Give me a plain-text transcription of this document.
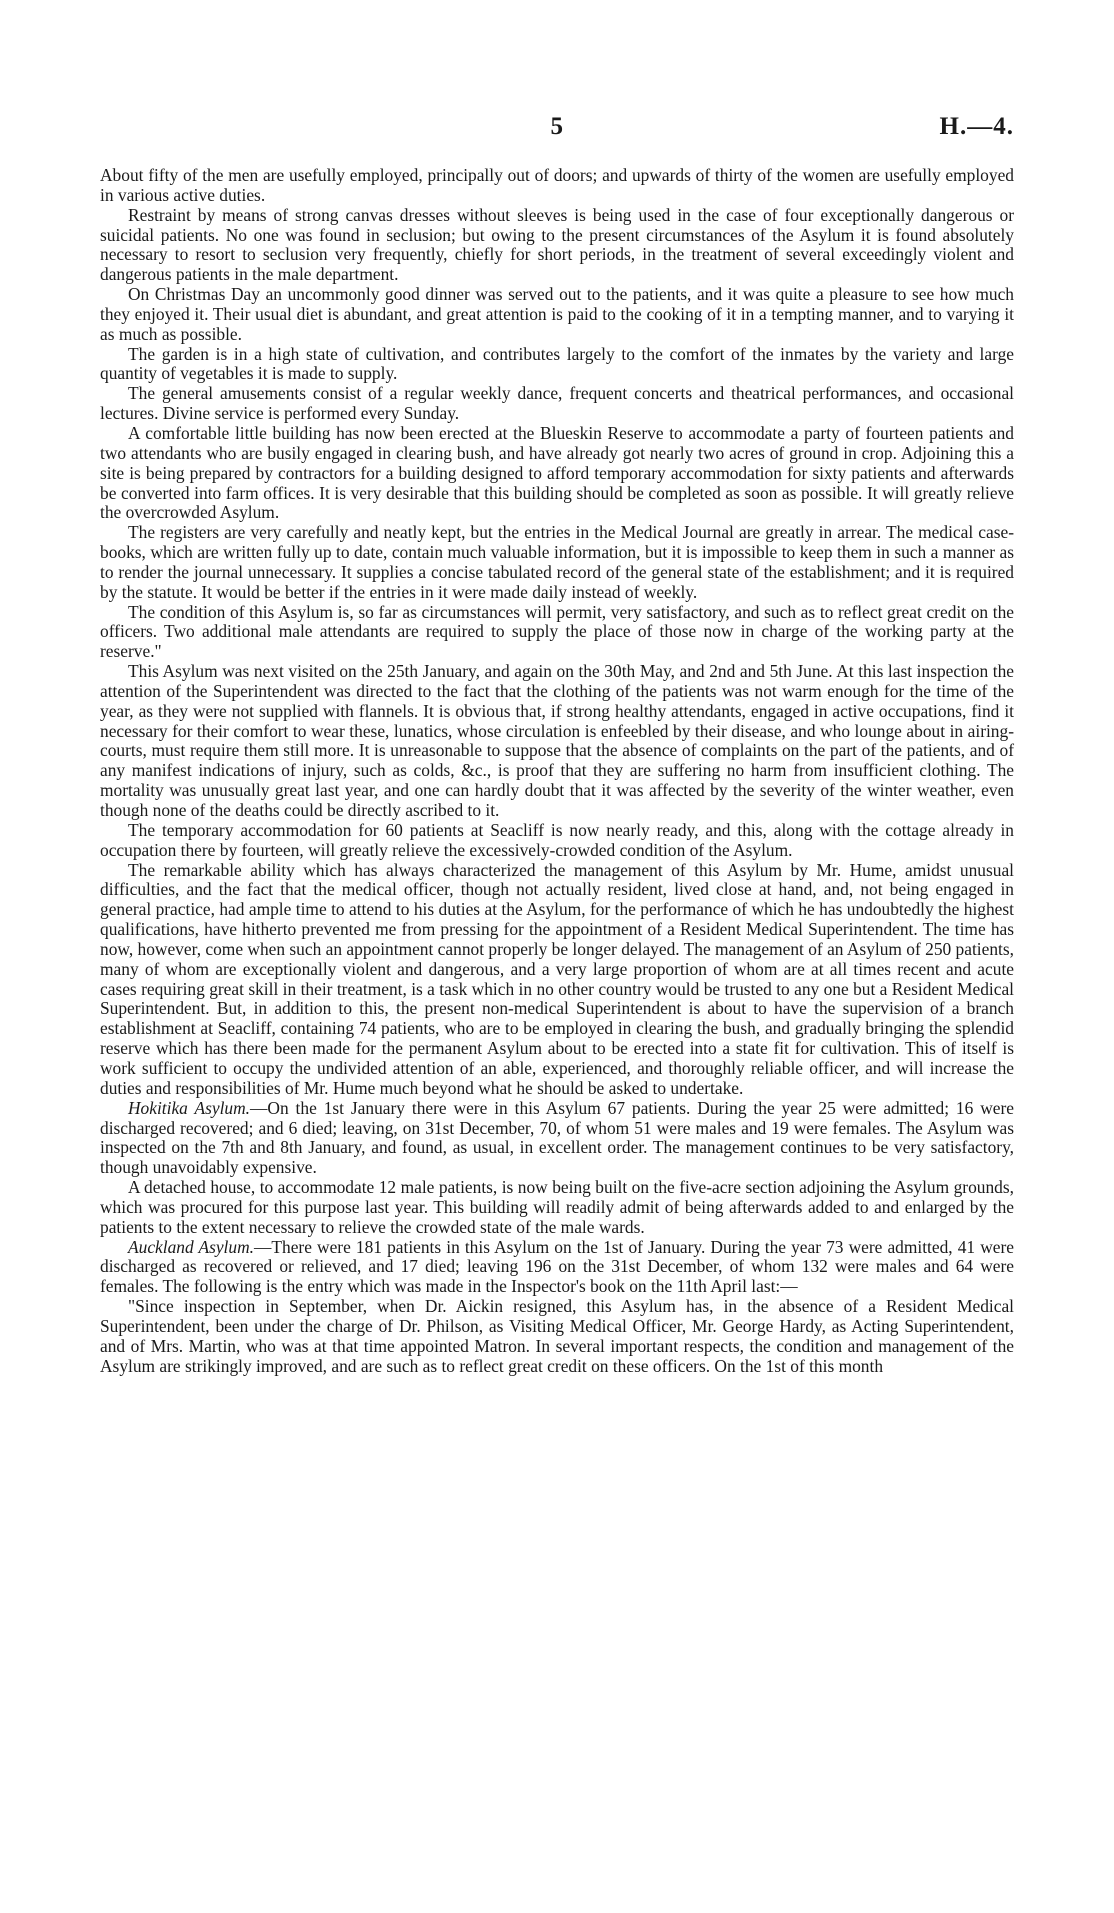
5	H.—4.

About fifty of the men are usefully employed, principally out of doors; and upwards of thirty of the women are usefully employed in various active duties.

Restraint by means of strong canvas dresses without sleeves is being used in the case of four exceptionally dangerous or suicidal patients. No one was found in seclusion; but owing to the present circumstances of the Asylum it is found absolutely necessary to resort to seclusion very frequently, chiefly for short periods, in the treatment of several exceedingly violent and dangerous patients in the male department.

On Christmas Day an uncommonly good dinner was served out to the patients, and it was quite a pleasure to see how much they enjoyed it. Their usual diet is abundant, and great attention is paid to the cooking of it in a tempting manner, and to varying it as much as possible.

The garden is in a high state of cultivation, and contributes largely to the comfort of the inmates by the variety and large quantity of vegetables it is made to supply.

The general amusements consist of a regular weekly dance, frequent concerts and theatrical performances, and occasional lectures. Divine service is performed every Sunday.

A comfortable little building has now been erected at the Blueskin Reserve to accommodate a party of fourteen patients and two attendants who are busily engaged in clearing bush, and have already got nearly two acres of ground in crop. Adjoining this a site is being prepared by contractors for a building designed to afford temporary accommodation for sixty patients and afterwards be converted into farm offices. It is very desirable that this building should be completed as soon as possible. It will greatly relieve the overcrowded Asylum.

The registers are very carefully and neatly kept, but the entries in the Medical Journal are greatly in arrear. The medical case-books, which are written fully up to date, contain much valuable information, but it is impossible to keep them in such a manner as to render the journal unnecessary. It supplies a concise tabulated record of the general state of the establishment; and it is required by the statute. It would be better if the entries in it were made daily instead of weekly.

The condition of this Asylum is, so far as circumstances will permit, very satisfactory, and such as to reflect great credit on the officers. Two additional male attendants are required to supply the place of those now in charge of the working party at the reserve."

This Asylum was next visited on the 25th January, and again on the 30th May, and 2nd and 5th June. At this last inspection the attention of the Superintendent was directed to the fact that the clothing of the patients was not warm enough for the time of the year, as they were not supplied with flannels. It is obvious that, if strong healthy attendants, engaged in active occupations, find it necessary for their comfort to wear these, lunatics, whose circulation is enfeebled by their disease, and who lounge about in airing-courts, must require them still more. It is unreasonable to suppose that the absence of complaints on the part of the patients, and of any manifest indications of injury, such as colds, &c., is proof that they are suffering no harm from insufficient clothing. The mortality was unusually great last year, and one can hardly doubt that it was affected by the severity of the winter weather, even though none of the deaths could be directly ascribed to it.

The temporary accommodation for 60 patients at Seacliff is now nearly ready, and this, along with the cottage already in occupation there by fourteen, will greatly relieve the excessively-crowded condition of the Asylum.

The remarkable ability which has always characterized the management of this Asylum by Mr. Hume, amidst unusual difficulties, and the fact that the medical officer, though not actually resident, lived close at hand, and, not being engaged in general practice, had ample time to attend to his duties at the Asylum, for the performance of which he has undoubtedly the highest qualifications, have hitherto prevented me from pressing for the appointment of a Resident Medical Superintendent. The time has now, however, come when such an appointment cannot properly be longer delayed. The management of an Asylum of 250 patients, many of whom are exceptionally violent and dangerous, and a very large proportion of whom are at all times recent and acute cases requiring great skill in their treatment, is a task which in no other country would be trusted to any one but a Resident Medical Superintendent. But, in addition to this, the present non-medical Superintendent is about to have the supervision of a branch establishment at Seacliff, containing 74 patients, who are to be employed in clearing the bush, and gradually bringing the splendid reserve which has there been made for the permanent Asylum about to be erected into a state fit for cultivation. This of itself is work sufficient to occupy the undivided attention of an able, experienced, and thoroughly reliable officer, and will increase the duties and responsibilities of Mr. Hume much beyond what he should be asked to undertake.

Hokitika Asylum.—On the 1st January there were in this Asylum 67 patients. During the year 25 were admitted; 16 were discharged recovered; and 6 died; leaving, on 31st December, 70, of whom 51 were males and 19 were females. The Asylum was inspected on the 7th and 8th January, and found, as usual, in excellent order. The management continues to be very satisfactory, though unavoidably expensive.

A detached house, to accommodate 12 male patients, is now being built on the five-acre section adjoining the Asylum grounds, which was procured for this purpose last year. This building will readily admit of being afterwards added to and enlarged by the patients to the extent necessary to relieve the crowded state of the male wards.

Auckland Asylum.—There were 181 patients in this Asylum on the 1st of January. During the year 73 were admitted, 41 were discharged as recovered or relieved, and 17 died; leaving 196 on the 31st December, of whom 132 were males and 64 were females. The following is the entry which was made in the Inspector's book on the 11th April last:—

"Since inspection in September, when Dr. Aickin resigned, this Asylum has, in the absence of a Resident Medical Superintendent, been under the charge of Dr. Philson, as Visiting Medical Officer, Mr. George Hardy, as Acting Superintendent, and of Mrs. Martin, who was at that time appointed Matron. In several important respects, the condition and management of the Asylum are strikingly improved, and are such as to reflect great credit on these officers. On the 1st of this month
